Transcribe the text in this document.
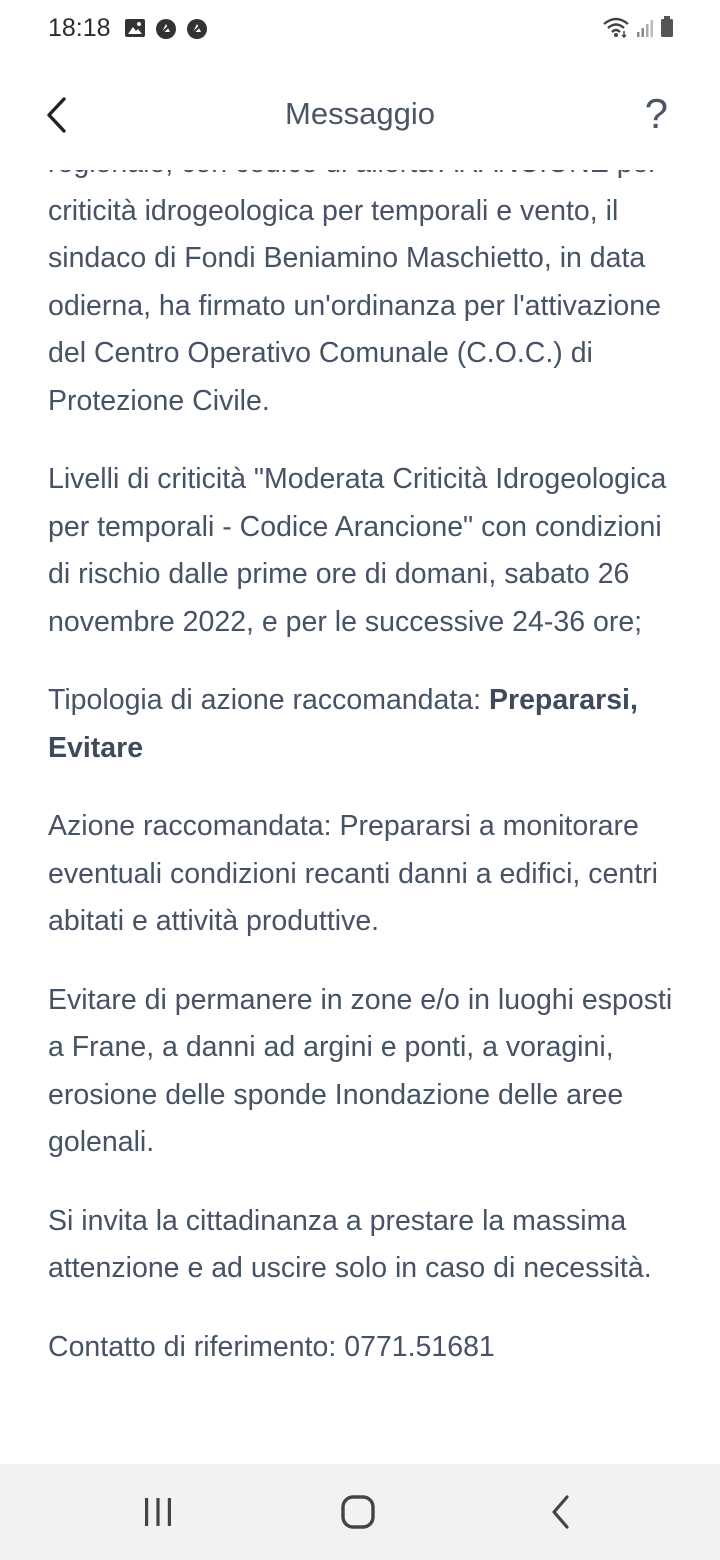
18:18
Messaggio	?

criticità idrogeologica per temporali e vento, il sindaco di Fondi Beniamino Maschietto, in data odierna, ha firmato un'ordinanza per l'attivazione del Centro Operativo Comunale (C.O.C.) di Protezione Civile.

Livelli di criticità "Moderata Criticità Idrogeologica per temporali - Codice Arancione" con condizioni di rischio dalle prime ore di domani, sabato 26 novembre 2022, e per le successive 24-36 ore;

Tipologia di azione raccomandata: Prepararsi, Evitare

Azione raccomandata: Prepararsi a monitorare eventuali condizioni recanti danni a edifici, centri abitati e attività produttive.

Evitare di permanere in zone e/o in luoghi esposti a Frane, a danni ad argini e ponti, a voragini, erosione delle sponde Inondazione delle aree golenali.

Si invita la cittadinanza a prestare la massima attenzione e ad uscire solo in caso di necessità.

Contatto di riferimento: 0771.51681
